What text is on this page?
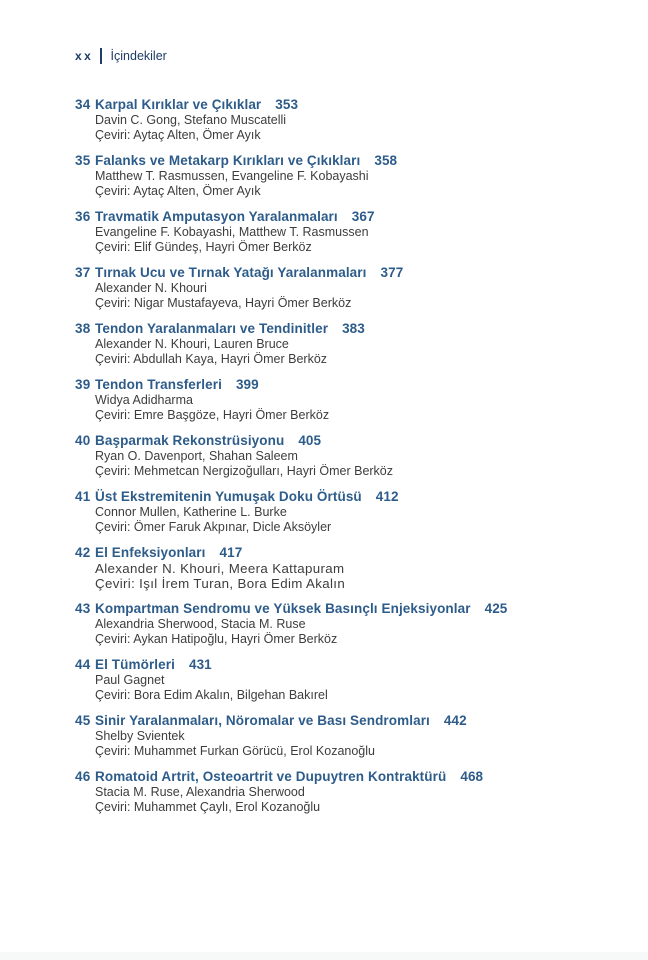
xx İçindekiler
34 Karpal Kırıklar ve Çıkıklar 353
Davin C. Gong, Stefano Muscatelli
Çeviri: Aytaç Alten, Ömer Ayık
35 Falanks ve Metakarp Kırıkları ve Çıkıkları 358
Matthew T. Rasmussen, Evangeline F. Kobayashi
Çeviri: Aytaç Alten, Ömer Ayık
36 Travmatik Amputasyon Yaralanmaları 367
Evangeline F. Kobayashi, Matthew T. Rasmussen
Çeviri: Elif Gündeş, Hayri Ömer Berköz
37 Tırnak Ucu ve Tırnak Yatağı Yaralanmaları 377
Alexander N. Khouri
Çeviri: Nigar Mustafayeva, Hayri Ömer Berköz
38 Tendon Yaralanmaları ve Tendinitler 383
Alexander N. Khouri, Lauren Bruce
Çeviri: Abdullah Kaya, Hayri Ömer Berköz
39 Tendon Transferleri 399
Widya Adidharma
Çeviri: Emre Başgöze, Hayri Ömer Berköz
40 Başparmak Rekonstrüsiyonu 405
Ryan O. Davenport, Shahan Saleem
Çeviri: Mehmetcan Nergizoğulları, Hayri Ömer Berköz
41 Üst Ekstremitenin Yumuşak Doku Örtüsü 412
Connor Mullen, Katherine L. Burke
Çeviri: Ömer Faruk Akpınar, Dicle Aksöyler
42 El Enfeksiyonları 417
Alexander N. Khouri, Meera Kattapuram
Çeviri: Işıl İrem Turan, Bora Edim Akalın
43 Kompartman Sendromu ve Yüksek Basınçlı Enjeksiyonlar 425
Alexandria Sherwood, Stacia M. Ruse
Çeviri: Aykan Hatipoğlu, Hayri Ömer Berköz
44 El Tümörleri 431
Paul Gagnet
Çeviri: Bora Edim Akalın, Bilgehan Bakırel
45 Sinir Yaralanmaları, Nöromalar ve Bası Sendromları 442
Shelby Svientek
Çeviri: Muhammet Furkan Görücü, Erol Kozanoğlu
46 Romatoid Artrit, Osteoartrit ve Dupuytren Kontraktürü 468
Stacia M. Ruse, Alexandria Sherwood
Çeviri: Muhammet Çaylı, Erol Kozanoğlu
